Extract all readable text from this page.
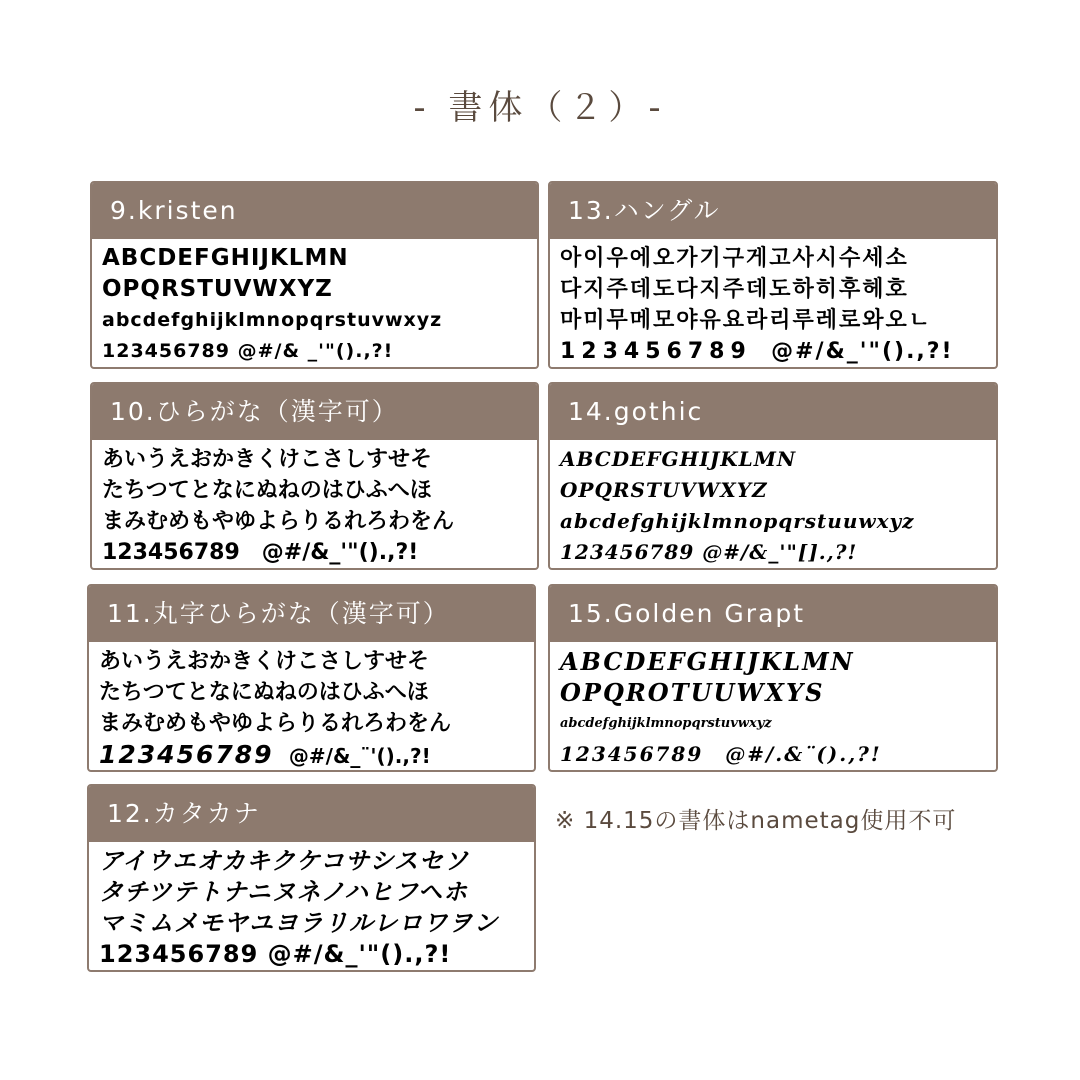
- 書体（２）-
9.kristen
ABCDEFGHIJKLMN
OPQRSTUVWXYZ
abcdefghijklmnopqrstuvwxyz
123456789 @#/& _'"().,?!
13.ハングル
아이우에오가기구게고사시수세소
다지주데도다지주데도하히후헤호
마미무메모야유요라리루레로와오ㄴ
123456789 @#/&_'"().,?!
10.ひらがな（漢字可）
あいうえおかきくけこさしすせそ
たちつてとなにぬねのはひふへほ
まみむめもやゆよらりるれろわをん
123456789　@#/&_'"().,?!
14.gothic
ABCDEFGHIJKLMN
OPQRSTUVWXYZ
abcdefghijklmnopqrstuuwxyz
123456789 @#/&_'"[].,?!
11.丸字ひらがな（漢字可）
あいうえおかきくけこさしすせそ
たちつてとなにぬねのはひふへほ
まみむめもやゆよらりるれろわをん
123456789 @#/&_¨'().,?!
15.Golden Grapt
ABCDEFGHIJKLMN
OPQROTUUWXYS
abcdefghijklmnopqrstuvwxyz
123456789　@#/.&¨().,?!
12.カタカナ
アイウエオカキクケコサシスセソ
タチツテトナニヌネノハヒフヘホ
マミムメモヤユヨラリルレロワヲン
123456789 @#/&_'"().,?!
※ 14.15の書体はnametag使用不可
